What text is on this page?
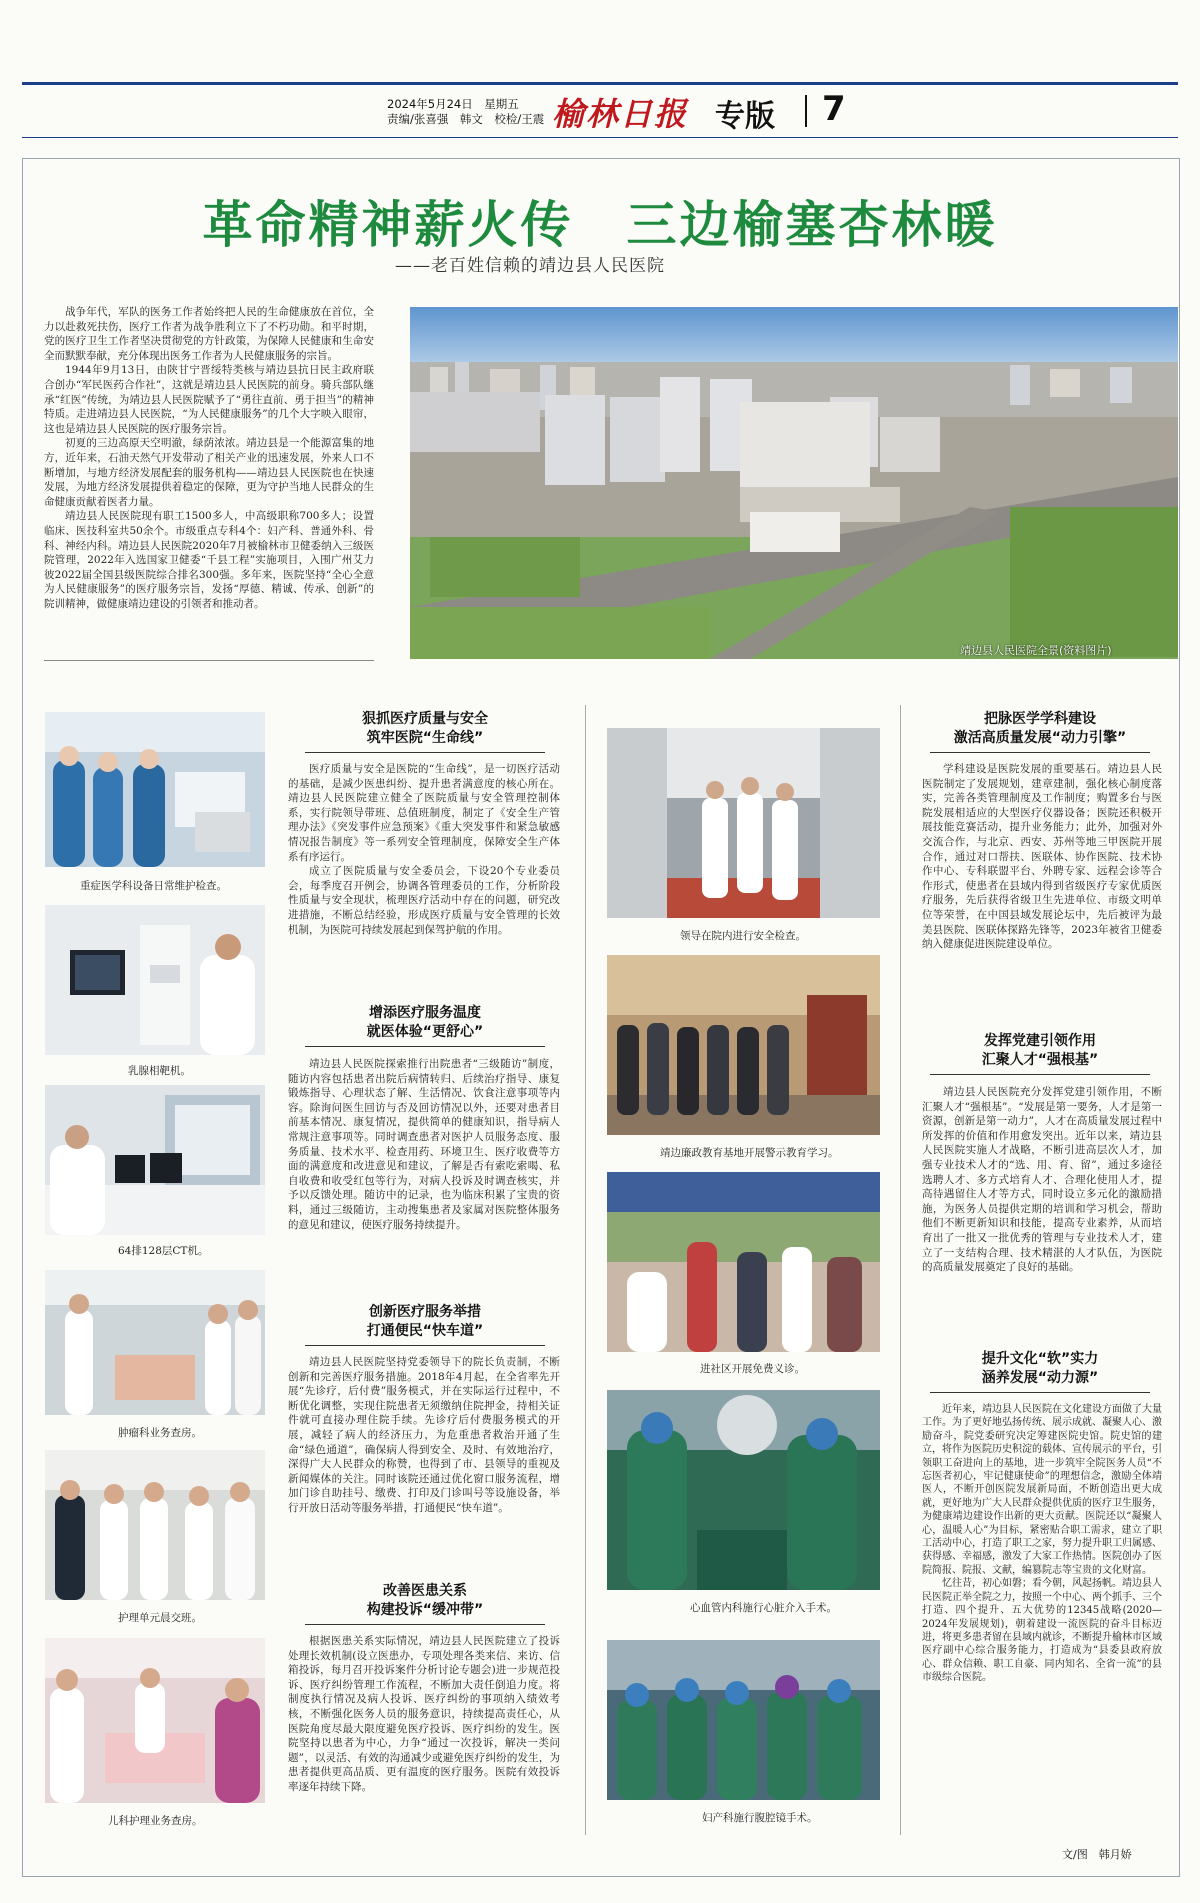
2024年5月24日　星期五
责编/张喜强　韩文　校检/王震 榆林日报 专版 7
革命精神薪火传　三边榆塞杏林暖
——老百姓信赖的靖边县人民医院

战争年代，军队的医务工作者始终把人民的生命健康放在首位，全力以赴救死扶伤，医疗工作者为战争胜利立下了不朽功勋。和平时期，党的医疗卫生工作者坚决贯彻党的方针政策，为保障人民健康和生命安全而默默奉献，充分体现出医务工作者为人民健康服务的宗旨。

1944年9月13日，由陕甘宁晋绥特类核与靖边县抗日民主政府联合创办“军民医药合作社”，这就是靖边县人民医院的前身。骑兵部队继承“红医”传统，为靖边县人民医院赋予了“勇往直前、勇于担当”的精神特质。走进靖边县人民医院，“为人民健康服务”的几个大字映入眼帘，这也是靖边县人民医院的医疗服务宗旨。

初夏的三边高原天空明澈，绿荫浓浓。靖边县是一个能源富集的地方，近年来，石油天然气开发带动了相关产业的迅速发展，外来人口不断增加，与地方经济发展配套的服务机构——靖边县人民医院也在快速发展，为地方经济发展提供着稳定的保障，更为守护当地人民群众的生命健康贡献着医者力量。

靖边县人民医院现有职工1500多人，中高级职称700多人；设置临床、医技科室共50余个。市级重点专科4个：妇产科、普通外科、骨科、神经内科。靖边县人民医院2020年7月被榆林市卫健委纳入三级医院管理，2022年入选国家卫健委“千县工程”实施项目，入围广州艾力彼2022届全国县级医院综合排名300强。多年来，医院坚持“全心全意为人民健康服务”的医疗服务宗旨，发扬“厚德、精诚、传承、创新”的院训精神，做健康靖边建设的引领者和推动者。

靖边县人民医院全景(资料图片)
重症医学科设备日常维护检查。
乳腺相靶机。
64排128层CT机。
肿瘤科业务查房。
护理单元晨交班。
儿科护理业务查房。
狠抓医疗质量与安全
筑牢医院“生命线”

医疗质量与安全是医院的“生命线”，是一切医疗活动的基础，是减少医患纠纷、提升患者满意度的核心所在。靖边县人民医院建立健全了医院质量与安全管理控制体系，实行院领导带班、总值班制度，制定了《安全生产管理办法》《突发事件应急预案》《重大突发事件和紧急敏感情况报告制度》等一系列安全管理制度，保障安全生产体系有序运行。

成立了医院质量与安全委员会，下设20个专业委员会，每季度召开例会，协调各管理委员的工作，分析阶段性质量与安全现状，梳理医疗活动中存在的问题，研究改进措施，不断总结经验，形成医疗质量与安全管理的长效机制，为医院可持续发展起到保驾护航的作用。

增添医疗服务温度
就医体验“更舒心”

靖边县人民医院探索推行出院患者“三级随访”制度，随访内容包括患者出院后病情转归、后续治疗指导、康复锻炼指导、心理状态了解、生活情况、饮食注意事项等内容。除询问医生回访与否及回访情况以外，还要对患者目前基本情况、康复情况，提供简单的健康知识，指导病人常规注意事项等。同时调查患者对医护人员服务态度、服务质量、技术水平、检查用药、环境卫生、医疗收费等方面的满意度和改进意见和建议，了解是否有索吃索喝、私自收费和收受红包等行为，对病人投诉及时调查核实，并予以反馈处理。随访中的记录，也为临床积累了宝贵的资料，通过三级随访，主动搜集患者及家属对医院整体服务的意见和建议，使医疗服务持续提升。

创新医疗服务举措
打通便民“快车道”

靖边县人民医院坚持党委领导下的院长负责制，不断创新和完善医疗服务措施。2018年4月起，在全省率先开展“先诊疗，后付费”服务模式，并在实际运行过程中，不断优化调整，实现住院患者无须缴纳住院押金，持相关证件就可直接办理住院手续。先诊疗后付费服务模式的开展，减轻了病人的经济压力，为危重患者救治开通了生命“绿色通道”，确保病人得到安全、及时、有效地治疗，深得广大人民群众的称赞，也得到了市、县领导的重视及新闻媒体的关注。同时该院还通过优化窗口服务流程，增加门诊自助挂号、缴费、打印及门诊叫号等设施设备，举行开放日活动等服务举措，打通便民“快车道”。

改善医患关系
构建投诉“缓冲带”

根据医患关系实际情况，靖边县人民医院建立了投诉处理长效机制(设立医患办，专项处理各类来信、来访、信箱投诉，每月召开投诉案件分析讨论专题会)进一步规范投诉、医疗纠纷管理工作流程，不断加大责任倒追力度。将制度执行情况及病人投诉、医疗纠纷的事项纳入绩效考核，不断强化医务人员的服务意识，持续提高责任心，从医院角度尽最大限度避免医疗投诉、医疗纠纷的发生。医院坚持以患者为中心，力争“通过一次投诉，解决一类问题”，以灵活、有效的沟通减少或避免医疗纠纷的发生，为患者提供更高品质、更有温度的医疗服务。医院有效投诉率逐年持续下降。

领导在院内进行安全检查。
靖边廉政教育基地开展警示教育学习。
进社区开展免费义诊。
心血管内科施行心脏介入手术。
妇产科施行腹腔镜手术。
把脉医学学科建设
激活高质量发展“动力引擎”

学科建设是医院发展的重要基石。靖边县人民医院制定了发展规划，建章建制，强化核心制度落实，完善各类管理制度及工作制度；购置多台与医院发展相适应的大型医疗仪器设备；医院还积极开展技能竞赛活动，提升业务能力；此外，加强对外交流合作，与北京、西安、苏州等地三甲医院开展合作，通过对口帮扶、医联体、协作医院、技术协作中心、专科联盟平台、外聘专家、远程会诊等合作形式，使患者在县域内得到省级医疗专家优质医疗服务，先后获得省级卫生先进单位、市级文明单位等荣誉，在中国县域发展论坛中，先后被评为最美县医院、医联体探路先锋等，2023年被省卫健委纳入健康促进医院建设单位。

发挥党建引领作用
汇聚人才“强根基”

靖边县人民医院充分发挥党建引领作用，不断汇聚人才“强根基”。“发展是第一要务，人才是第一资源，创新是第一动力”，人才在高质量发展过程中所发挥的价值和作用愈发突出。近年以来，靖边县人民医院实施人才战略，不断引进高层次人才，加强专业技术人才的“选、用、育、留”，通过多途径选聘人才、多方式培育人才、合理化使用人才，提高待遇留住人才等方式，同时设立多元化的激励措施，为医务人员提供定期的培训和学习机会，帮助他们不断更新知识和技能，提高专业素养，从而培育出了一批又一批优秀的管理与专业技术人才，建立了一支结构合理、技术精湛的人才队伍，为医院的高质量发展奠定了良好的基础。

提升文化“软”实力
涵养发展“动力源”

近年来，靖边县人民医院在文化建设方面做了大量工作。为了更好地弘扬传统、展示成就、凝聚人心、激励奋斗，院党委研究决定筹建医院史馆。院史馆的建立，将作为医院历史积淀的载体、宣传展示的平台，引领职工奋进向上的基地，进一步筑牢全院医务人员“不忘医者初心，牢记健康使命”的理想信念，激励全体靖医人，不断开创医院发展新局面，不断创造出更大成就，更好地为广大人民群众提供优质的医疗卫生服务，为健康靖边建设作出新的更大贡献。医院还以“凝聚人心，温暖人心”为目标，紧密贴合职工需求，建立了职工活动中心，打造了职工之家，努力提升职工归属感、获得感、幸福感，激发了大家工作热情。医院创办了医院简报、院报、文献，编篡院志等宝贵的文化财富。

忆往昔，初心如磐；看今朝，风起扬帆。靖边县人民医院正举全院之力，按照一个中心、两个抓手、三个打造、四个提升、五大优势的12345战略(2020—2024年发展规划)，朝着建设一流医院的奋斗目标迈进，将更多患者留在县域内就诊，不断提升榆林市区域医疗副中心综合服务能力，打造成为“县委县政府放心、群众信赖、职工自豪、同内知名、全省一流”的县市级综合医院。

文/图　韩月娇
